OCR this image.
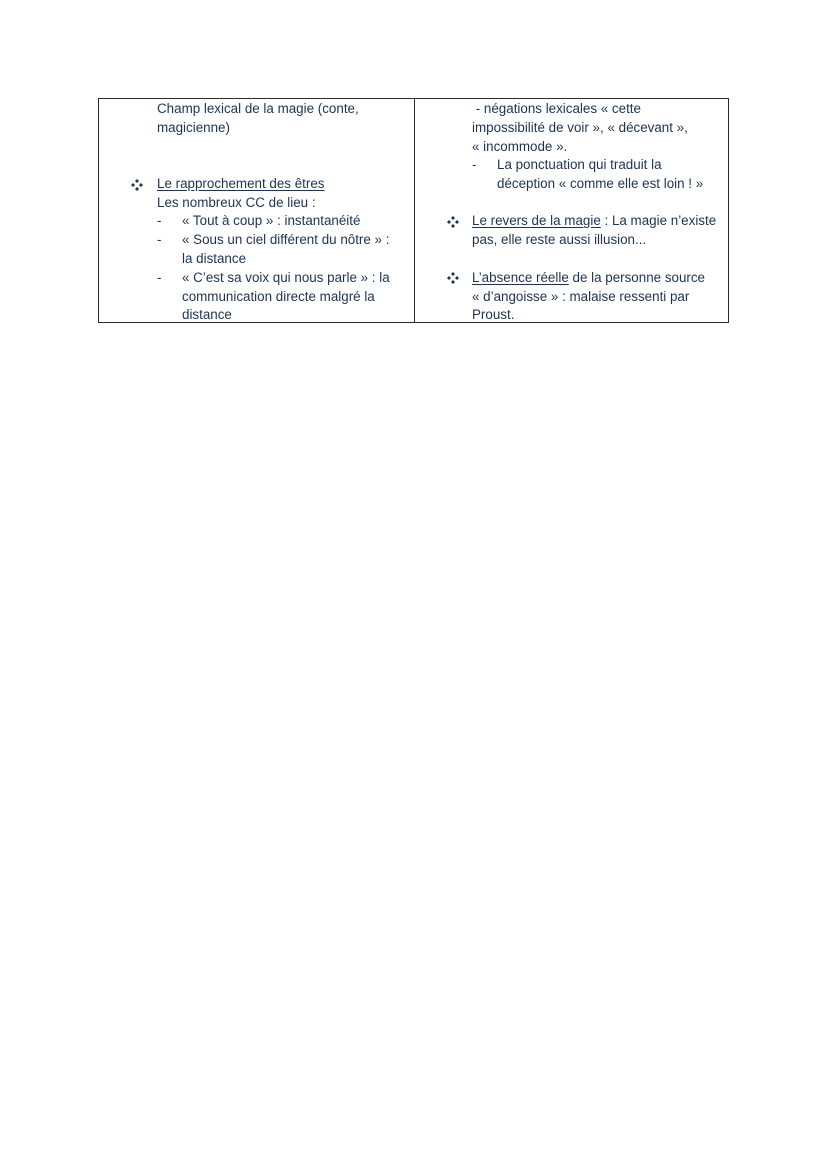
Champ lexical de la magie (conte,
magicienne)
Le rapprochement des êtres
Les nombreux CC de lieu :
- « Tout à coup » : instantanéité
- « Sous un ciel différent du nôtre » :
la distance
- « C’est sa voix qui nous parle » : la
communication directe malgré la
distance
- négations lexicales « cette
impossibilité de voir », « décevant »,
« incommode ».
- La ponctuation qui traduit la
déception « comme elle est loin ! »
Le revers de la magie : La magie n’existe
pas, elle reste aussi illusion...
L’absence réelle de la personne source
« d’angoisse » : malaise ressenti par
Proust.
